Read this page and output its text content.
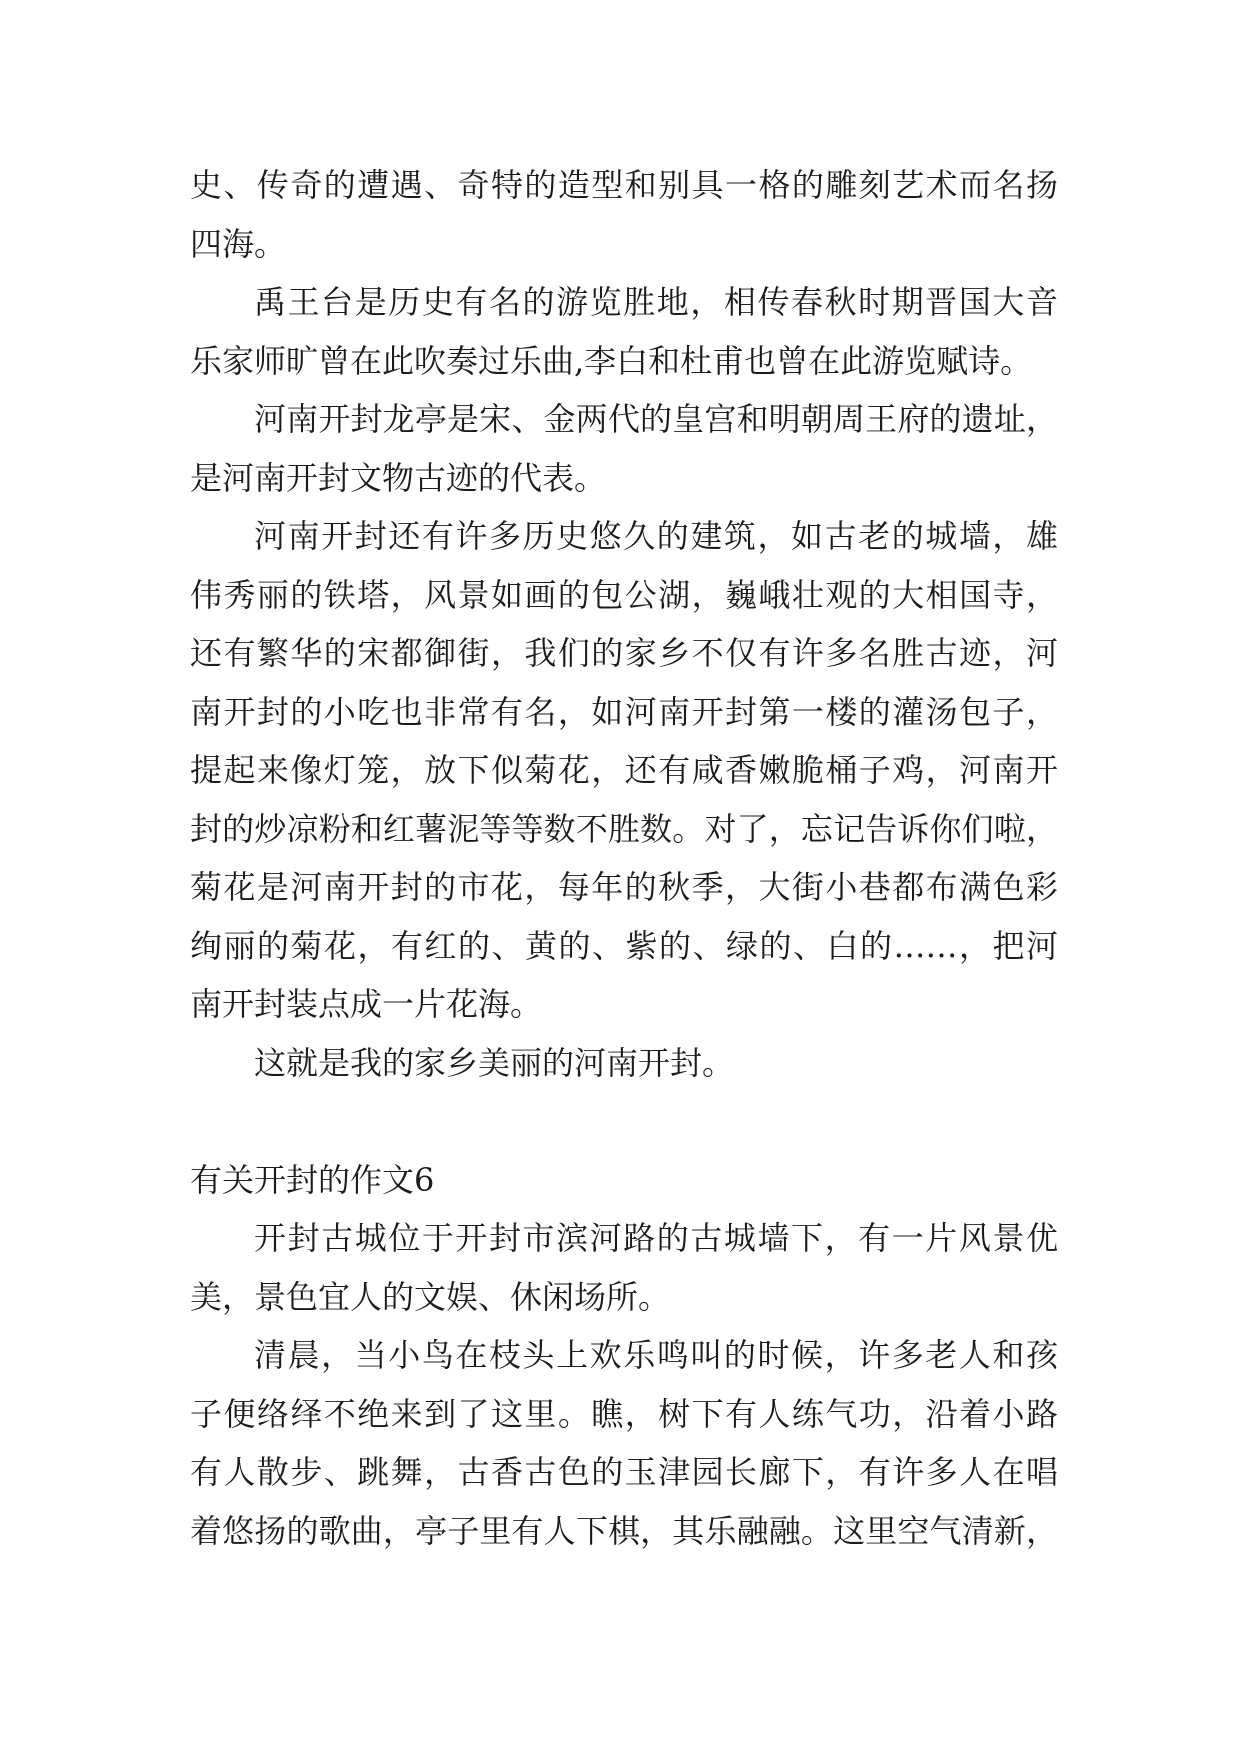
史、传奇的遭遇、奇特的造型和别具一格的雕刻艺术而名扬
四海。
禹王台是历史有名的游览胜地，相传春秋时期晋国大音
乐家师旷曾在此吹奏过乐曲,李白和杜甫也曾在此游览赋诗。
河南开封龙亭是宋、金两代的皇宫和明朝周王府的遗址，
是河南开封文物古迹的代表。
河南开封还有许多历史悠久的建筑，如古老的城墙，雄
伟秀丽的铁塔，风景如画的包公湖，巍峨壮观的大相国寺，
还有繁华的宋都御街，我们的家乡不仅有许多名胜古迹，河
南开封的小吃也非常有名，如河南开封第一楼的灌汤包子，
提起来像灯笼，放下似菊花，还有咸香嫩脆桶子鸡，河南开
封的炒凉粉和红薯泥等等数不胜数。对了，忘记告诉你们啦，
菊花是河南开封的市花，每年的秋季，大街小巷都布满色彩
绚丽的菊花，有红的、黄的、紫的、绿的、白的……，把河
南开封装点成一片花海。
这就是我的家乡美丽的河南开封。
有关开封的作文6
开封古城位于开封市滨河路的古城墙下，有一片风景优
美，景色宜人的文娱、休闲场所。
清晨，当小鸟在枝头上欢乐鸣叫的时候，许多老人和孩
子便络绎不绝来到了这里。瞧，树下有人练气功，沿着小路
有人散步、跳舞，古香古色的玉津园长廊下，有许多人在唱
着悠扬的歌曲，亭子里有人下棋，其乐融融。这里空气清新，
